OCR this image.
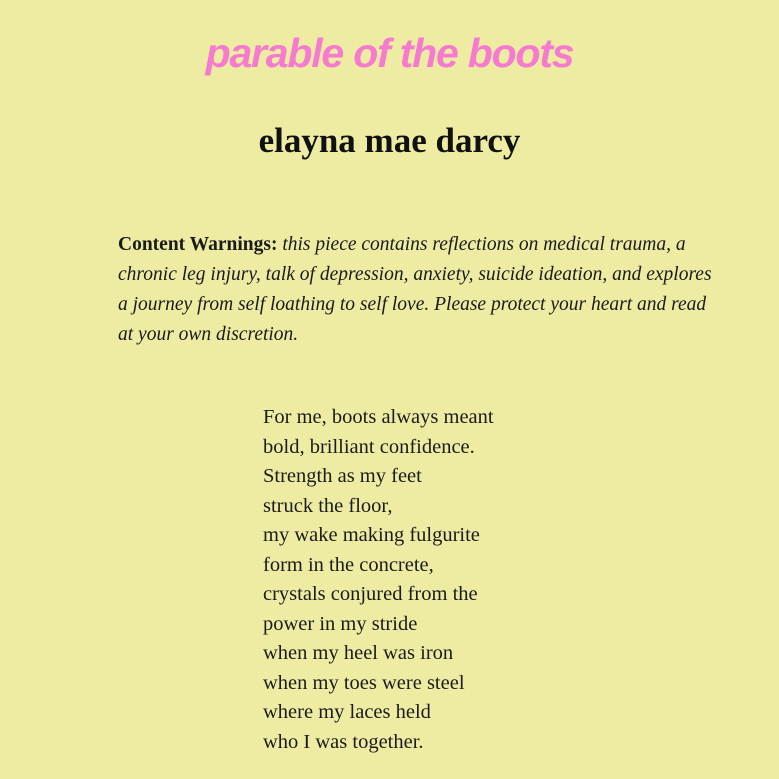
parable of the boots
elayna mae darcy

Content Warnings: this piece contains reflections on medical trauma, a chronic leg injury, talk of depression, anxiety, suicide ideation, and explores a journey from self loathing to self love. Please protect your heart and read at your own discretion.

For me, boots always meant
bold, brilliant confidence.
Strength as my feet
struck the floor,
my wake making fulgurite
form in the concrete,
crystals conjured from the
power in my stride
when my heel was iron
when my toes were steel
where my laces held
who I was together.
